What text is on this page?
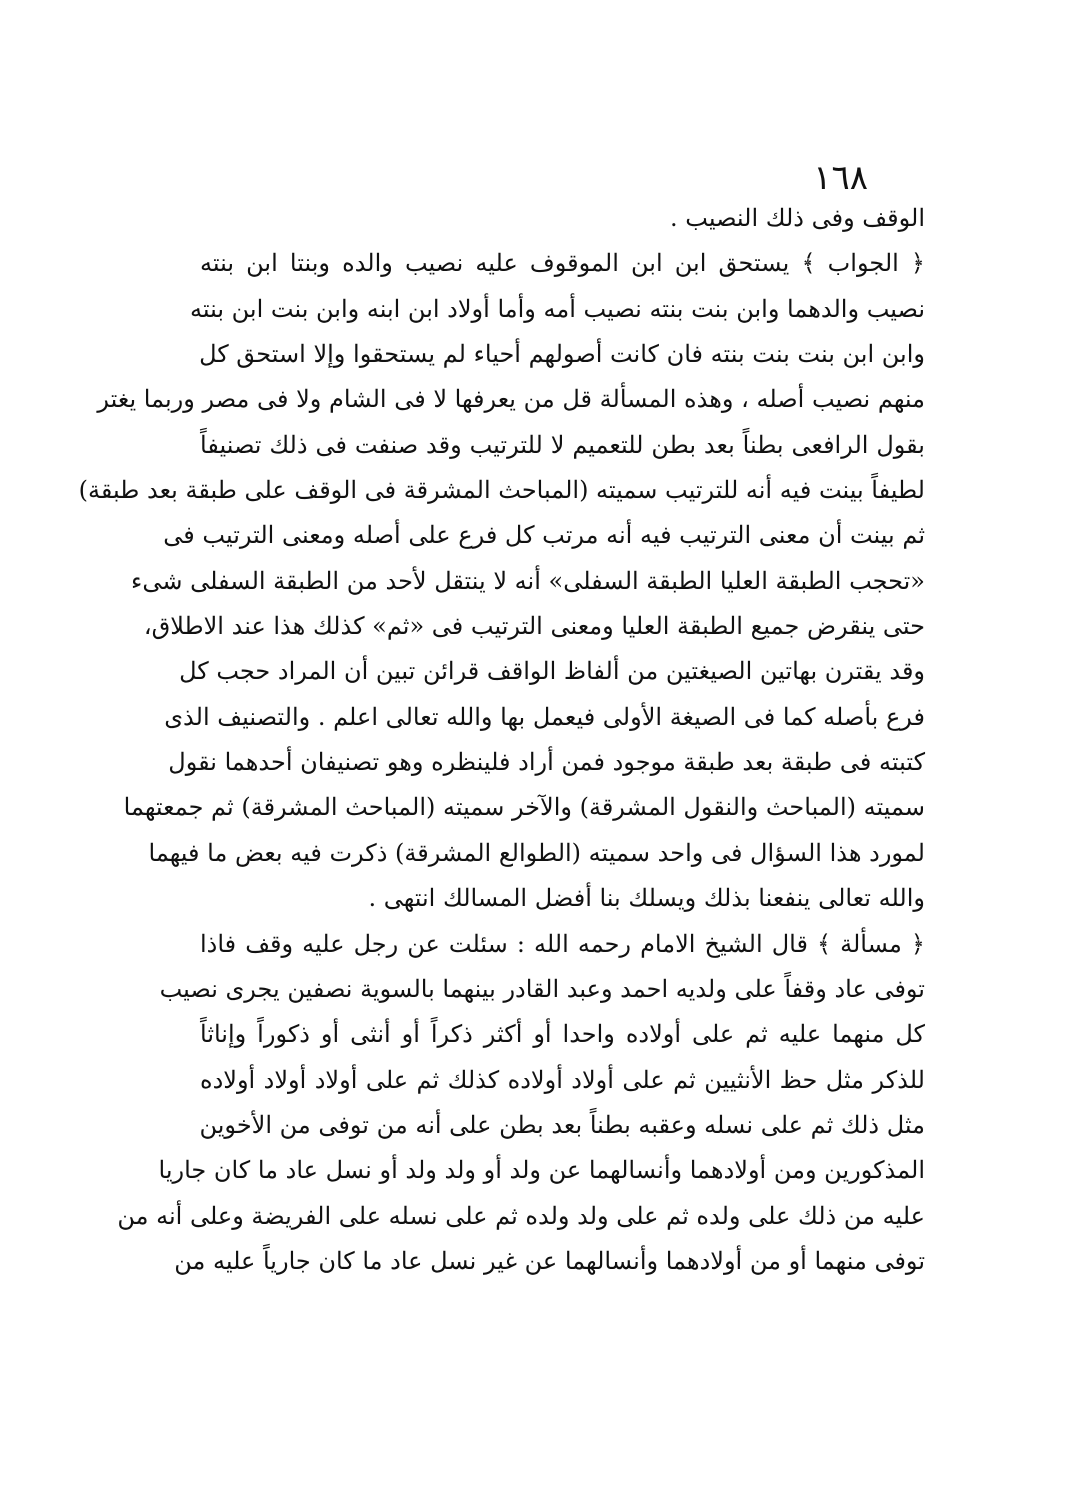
١٦٨
الوقف وفى ذلك النصيب .
﴿ الجواب ﴾ يستحق ابن ابن الموقوف عليه نصيب والده وبنتا ابن بنته
نصيب والدهما وابن بنت بنته نصيب أمه وأما أولاد ابن ابنه وابن بنت ابن بنته
وابن ابن بنت بنت بنته فان كانت أصولهم أحياء لم يستحقوا وإلا استحق كل
منهم نصيب أصله ، وهذه المسألة قل من يعرفها لا فى الشام ولا فى مصر وربما يغتر
بقول الرافعى بطناً بعد بطن للتعميم لا للترتيب وقد صنفت فى ذلك تصنيفاً
لطيفاً بينت فيه أنه للترتيب سميته (المباحث المشرقة فى الوقف على طبقة بعد طبقة)
ثم بينت أن معنى الترتيب فيه أنه مرتب كل فرع على أصله ومعنى الترتيب فى
«تحجب الطبقة العليا الطبقة السفلى» أنه لا ينتقل لأحد من الطبقة السفلى شىء
حتى ينقرض جميع الطبقة العليا ومعنى الترتيب فى «ثم» كذلك هذا عند الاطلاق،
وقد يقترن بهاتين الصيغتين من ألفاظ الواقف قرائن تبين أن المراد حجب كل
فرع بأصله كما فى الصيغة الأولى فيعمل بها والله تعالى اعلم . والتصنيف الذى
كتبته فى طبقة بعد طبقة موجود فمن أراد فلينظره وهو تصنيفان أحدهما نقول
سميته (المباحث والنقول المشرقة) والآخر سميته (المباحث المشرقة) ثم جمعتهما
لمورد هذا السؤال فى واحد سميته (الطوالع المشرقة) ذكرت فيه بعض ما فيهما
والله تعالى ينفعنا بذلك ويسلك بنا أفضل المسالك انتهى .
﴿ مسألة ﴾ قال الشيخ الامام رحمه الله : سئلت عن رجل عليه وقف فاذا
توفى عاد وقفاً على ولديه احمد وعبد القادر بينهما بالسوية نصفين يجرى نصيب
كل منهما عليه ثم على أولاده واحدا أو أكثر ذكراً أو أنثى أو ذكوراً وإناثاً
للذكر مثل حظ الأنثيين ثم على أولاد أولاده كذلك ثم على أولاد أولاد أولاده
مثل ذلك ثم على نسله وعقبه بطناً بعد بطن على أنه من توفى من الأخوين
المذكورين ومن أولادهما وأنسالهما عن ولد أو ولد ولد أو نسل عاد ما كان جاريا
عليه من ذلك على ولده ثم على ولد ولده ثم على نسله على الفريضة وعلى أنه من
توفى منهما أو من أولادهما وأنسالهما عن غير نسل عاد ما كان جارياً عليه من
